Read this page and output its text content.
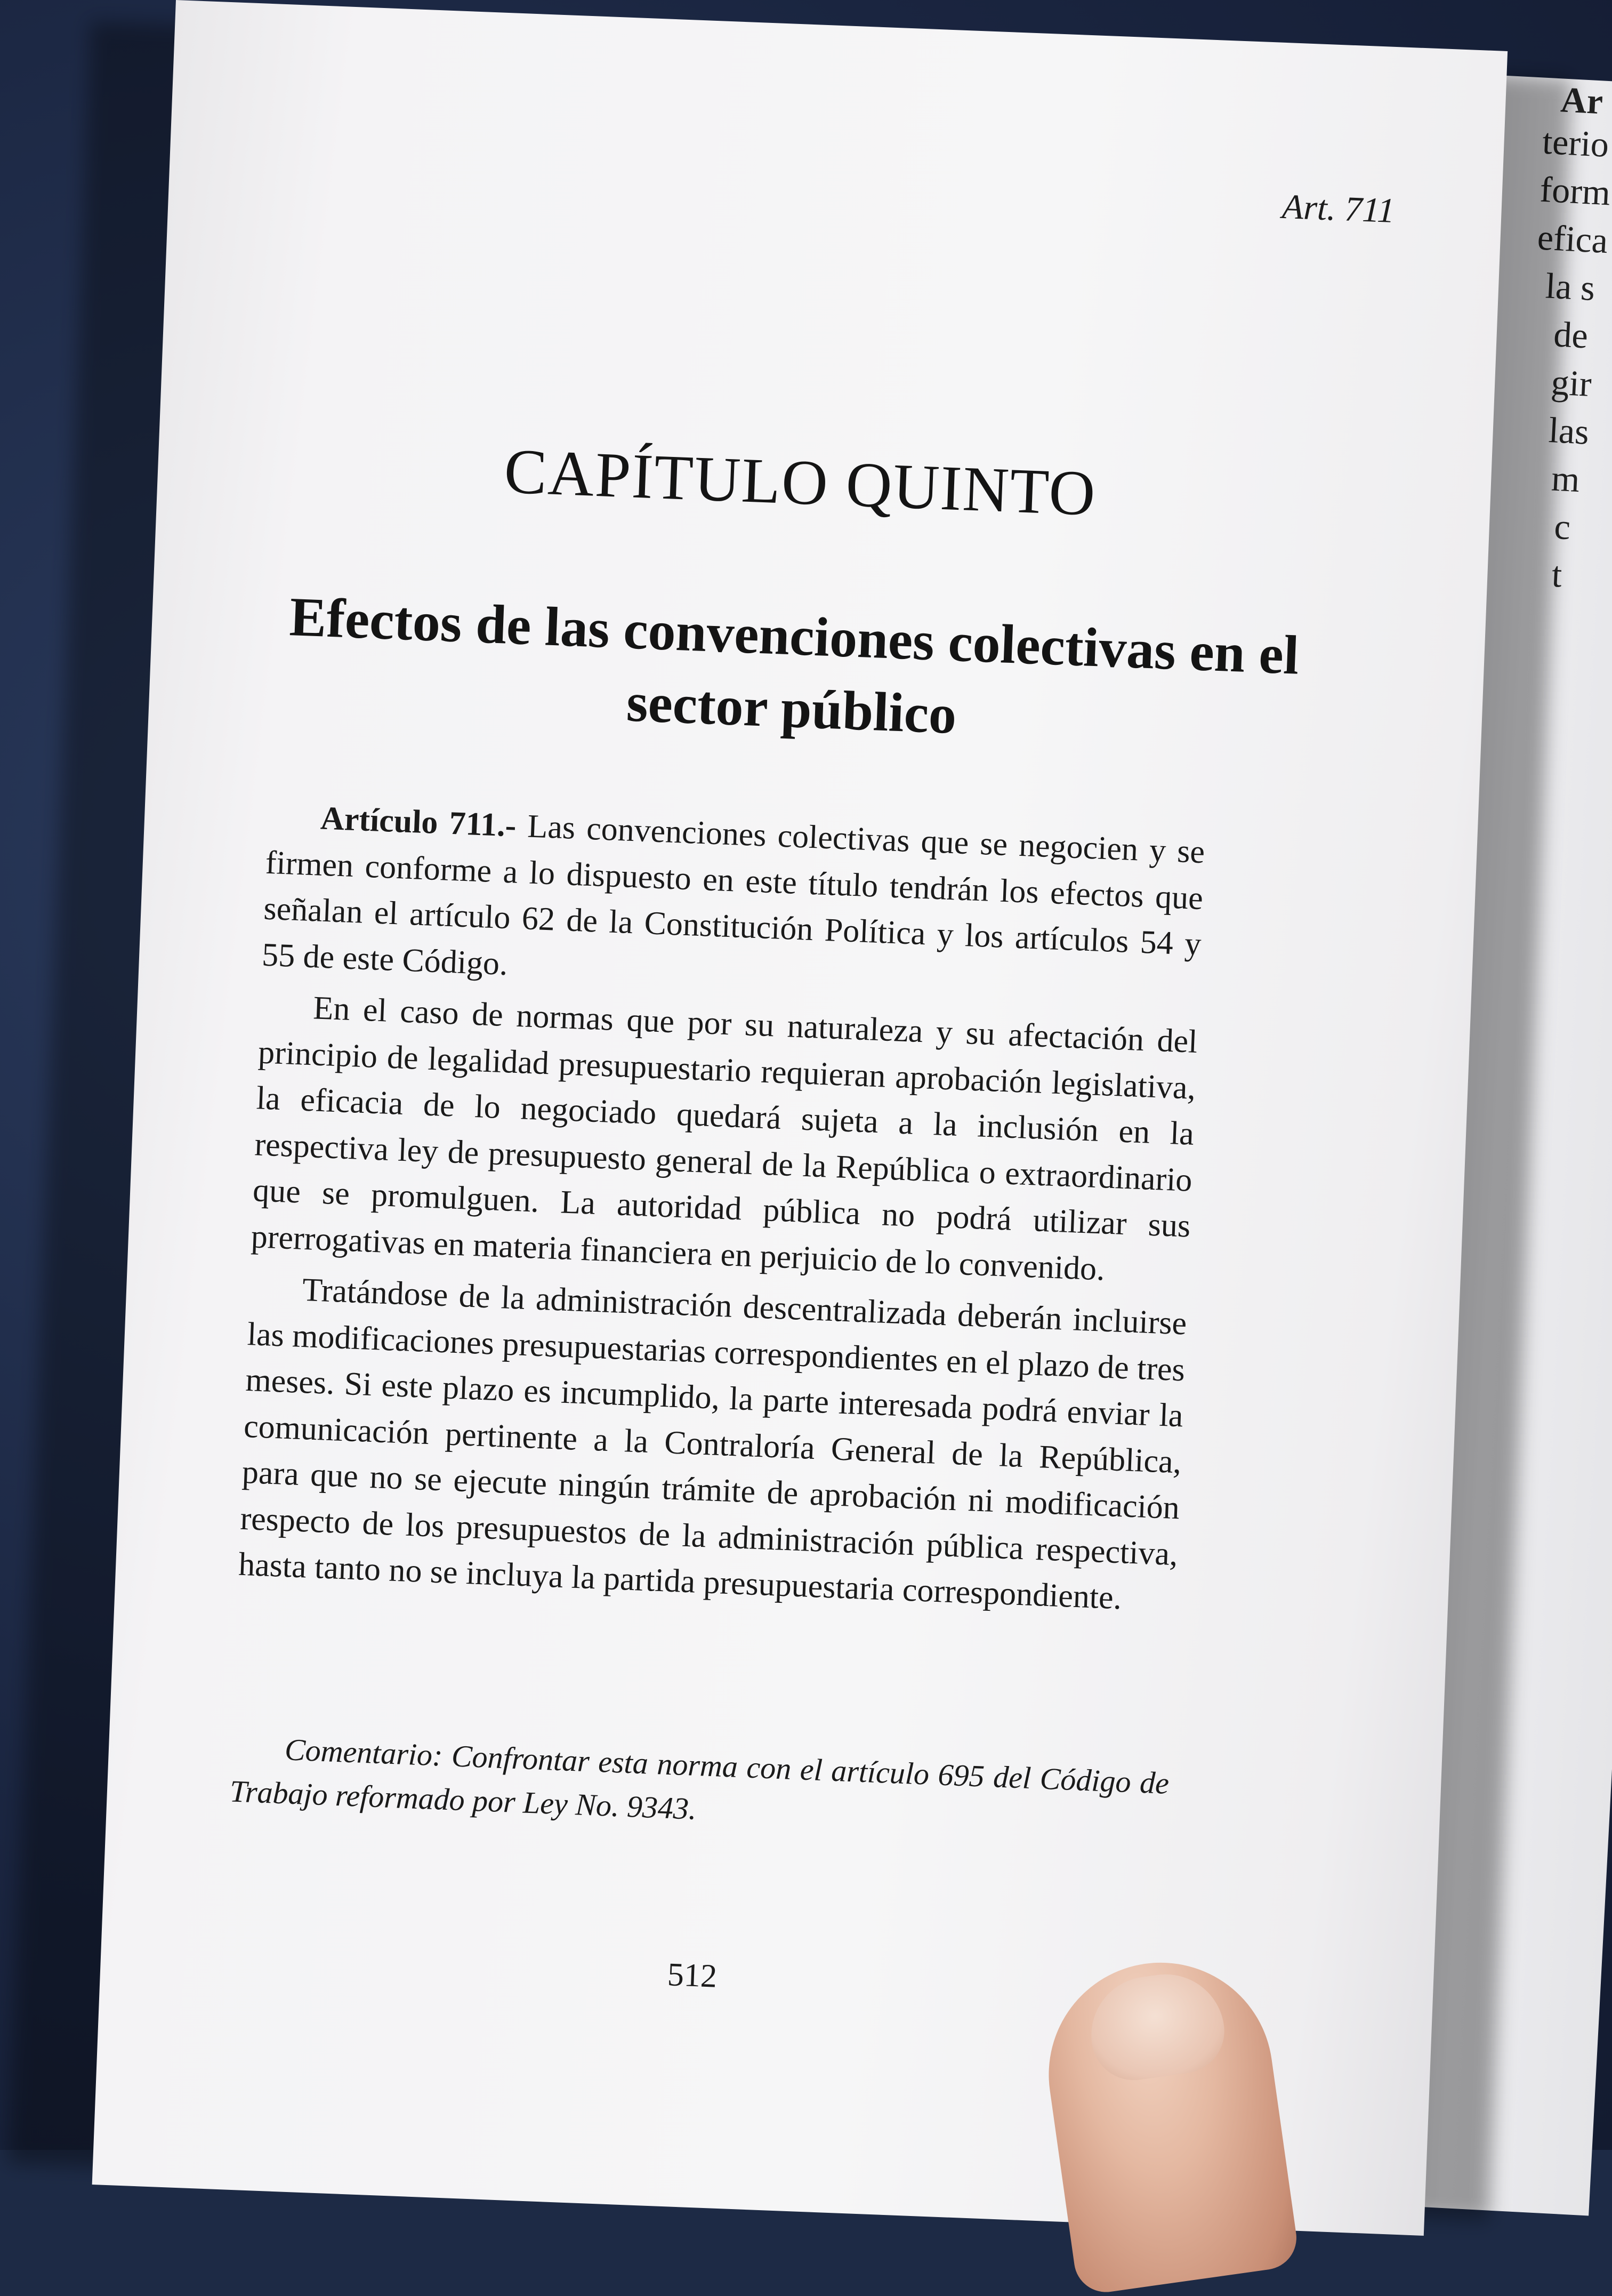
Ar
terio
form
efica
la s
de
gir
las
m
c
t
Art. 711
CAPÍTULO QUINTO
Efectos de las convenciones colectivas en el sector público

Artículo 711.- Las convenciones colectivas que se negocien y se firmen conforme a lo dispuesto en este título tendrán los efectos que señalan el artículo 62 de la Constitución Política y los artículos 54 y 55 de este Código.

En el caso de normas que por su naturaleza y su afectación del principio de legalidad presupuestario requieran aprobación legislativa, la eficacia de lo negociado quedará sujeta a la inclusión en la respectiva ley de presupuesto general de la República o extraordinario que se promulguen. La autoridad pública no podrá utilizar sus prerrogativas en materia financiera en perjuicio de lo convenido.

Tratándose de la administración descentralizada deberán incluirse las modificaciones presupuestarias correspondientes en el plazo de tres meses. Si este plazo es incumplido, la parte interesada podrá enviar la comunicación pertinente a la Contraloría General de la República, para que no se ejecute ningún trámite de aprobación ni modificación respecto de los presupuestos de la administración pública respectiva, hasta tanto no se incluya la partida presupuestaria correspondiente.

Comentario: Confrontar esta norma con el artículo 695 del Código de Trabajo reformado por Ley No. 9343.

512
